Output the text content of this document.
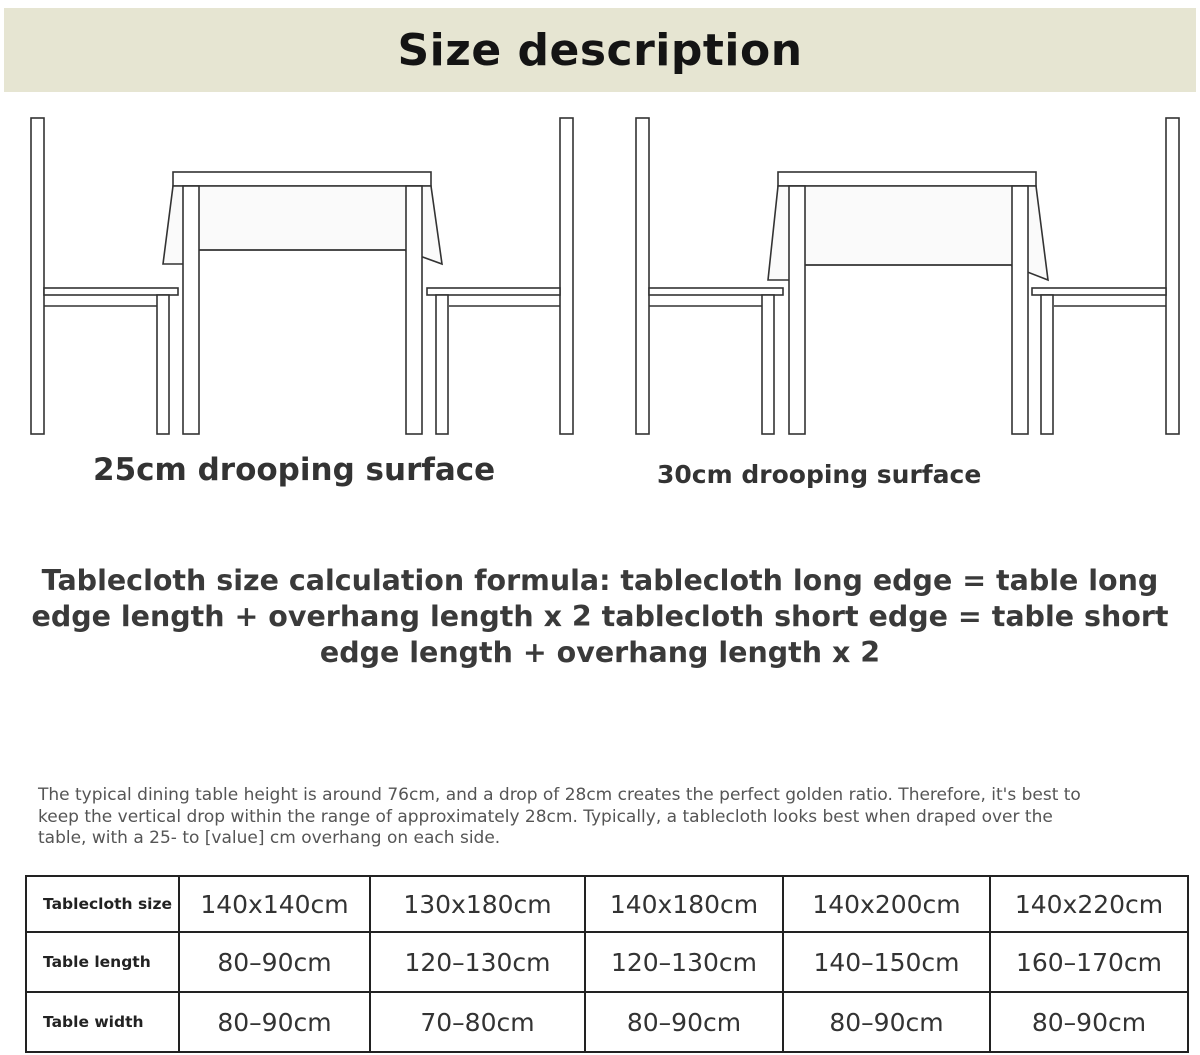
Size description
25cm drooping surface	30cm drooping surface
Tablecloth size calculation formula: tablecloth long edge = table long edge length + overhang length x 2 tablecloth short edge = table short edge length + overhang length x 2
The typical dining table height is around 76cm, and a drop of 28cm creates the perfect golden ratio. Therefore, it's best to keep the vertical drop within the range of approximately 28cm. Typically, a tablecloth looks best when draped over the table, with a 25- to [value] cm overhang on each side.
Tablecloth size	140x140cm	130x180cm	140x180cm	140x200cm	140x220cm
Table length	80–90cm	120–130cm	120–130cm	140–150cm	160–170cm
Table width	80–90cm	70–80cm	80–90cm	80–90cm	80–90cm
